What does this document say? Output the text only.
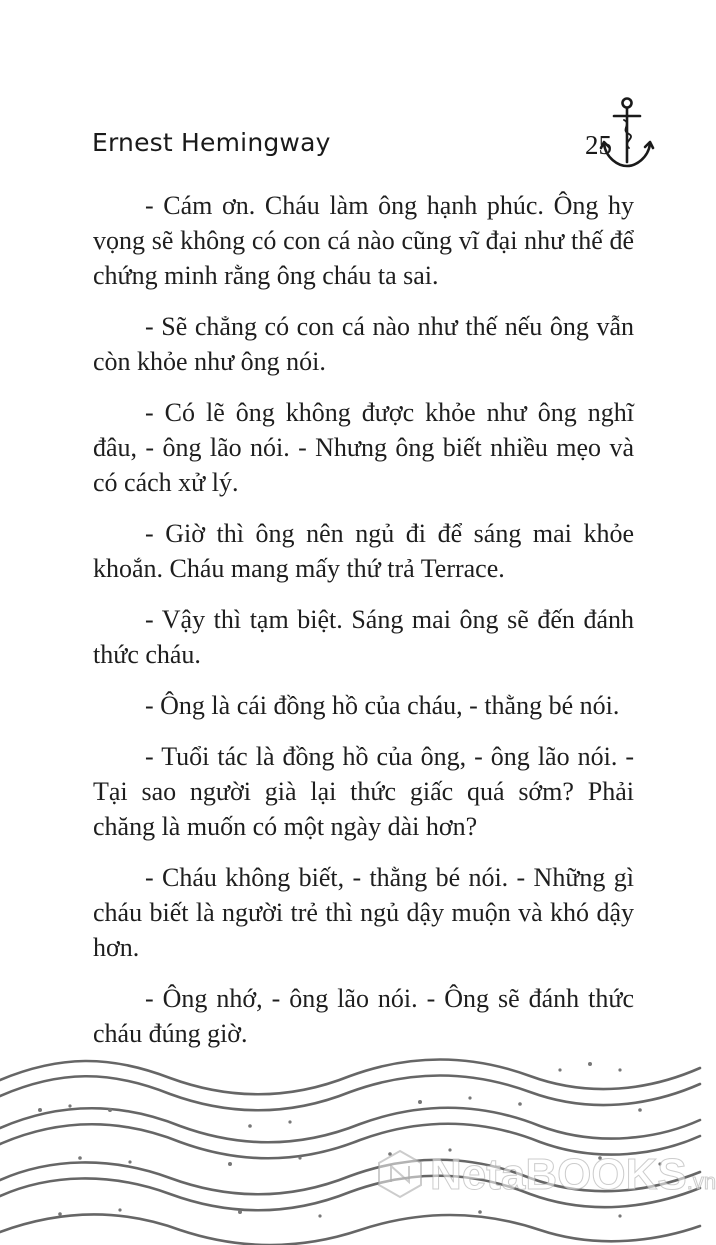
Ernest Hemingway	25

- Cám ơn. Cháu làm ông hạnh phúc. Ông hy vọng sẽ không có con cá nào cũng vĩ đại như thế để chứng minh rằng ông cháu ta sai.

- Sẽ chẳng có con cá nào như thế nếu ông vẫn còn khỏe như ông nói.

- Có lẽ ông không được khỏe như ông nghĩ đâu, - ông lão nói. - Nhưng ông biết nhiều mẹo và có cách xử lý.

- Giờ thì ông nên ngủ đi để sáng mai khỏe khoắn. Cháu mang mấy thứ trả Terrace.

- Vậy thì tạm biệt. Sáng mai ông sẽ đến đánh thức cháu.

- Ông là cái đồng hồ của cháu, - thằng bé nói.

- Tuổi tác là đồng hồ của ông, - ông lão nói. - Tại sao người già lại thức giấc quá sớm? Phải chăng là muốn có một ngày dài hơn?

- Cháu không biết, - thằng bé nói. - Những gì cháu biết là người trẻ thì ngủ dậy muộn và khó dậy hơn.

- Ông nhớ, - ông lão nói. - Ông sẽ đánh thức cháu đúng giờ.

NetaBOOKS.vn
